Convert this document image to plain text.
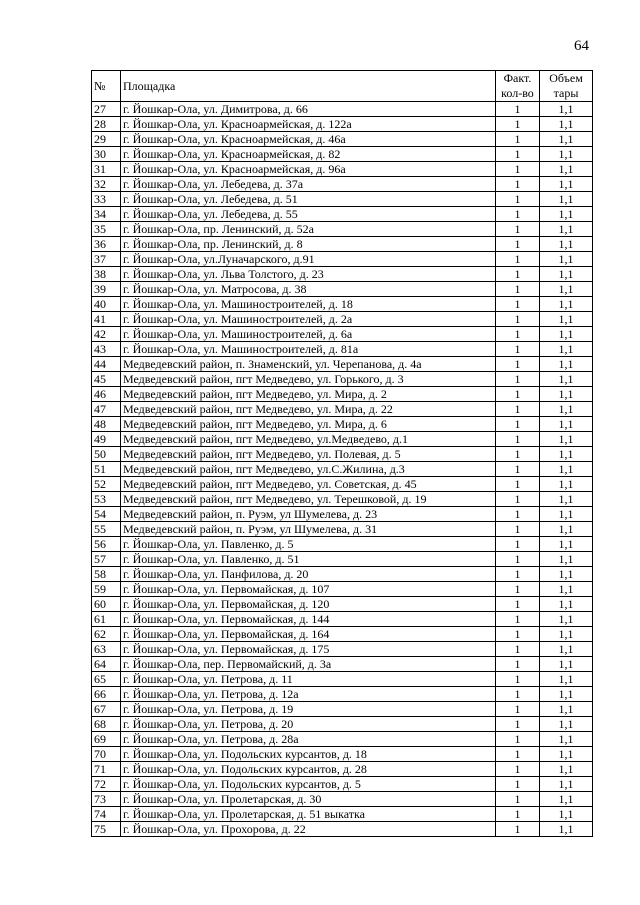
64
№	Площадка	Факт. кол-во	Объем тары
27	г. Йошкар-Ола, ул. Димитрова, д. 66	1	1,1
28	г. Йошкар-Ола, ул. Красноармейская, д. 122а	1	1,1
29	г. Йошкар-Ола, ул. Красноармейская, д. 46а	1	1,1
30	г. Йошкар-Ола, ул. Красноармейская, д. 82	1	1,1
31	г. Йошкар-Ола, ул. Красноармейская, д. 96а	1	1,1
32	г. Йошкар-Ола, ул. Лебедева, д. 37а	1	1,1
33	г. Йошкар-Ола, ул. Лебедева, д. 51	1	1,1
34	г. Йошкар-Ола, ул. Лебедева, д. 55	1	1,1
35	г. Йошкар-Ола, пр. Ленинский, д. 52а	1	1,1
36	г. Йошкар-Ола, пр. Ленинский, д. 8	1	1,1
37	г. Йошкар-Ола, ул.Луначарского, д.91	1	1,1
38	г. Йошкар-Ола, ул. Льва Толстого, д. 23	1	1,1
39	г. Йошкар-Ола, ул. Матросова, д. 38	1	1,1
40	г. Йошкар-Ола, ул. Машиностроителей, д. 18	1	1,1
41	г. Йошкар-Ола, ул. Машиностроителей, д. 2а	1	1,1
42	г. Йошкар-Ола, ул. Машиностроителей, д. 6а	1	1,1
43	г. Йошкар-Ола, ул. Машиностроителей, д. 81а	1	1,1
44	Медведевский район, п. Знаменский, ул. Черепанова, д. 4а	1	1,1
45	Медведевский район, пгт Медведево, ул. Горького, д. 3	1	1,1
46	Медведевский район, пгт Медведево, ул. Мира, д. 2	1	1,1
47	Медведевский район, пгт Медведево, ул. Мира, д. 22	1	1,1
48	Медведевский район, пгт Медведево, ул. Мира, д. 6	1	1,1
49	Медведевский район, пгт Медведево, ул.Медведево, д.1	1	1,1
50	Медведевский район, пгт Медведево, ул. Полевая, д. 5	1	1,1
51	Медведевский район, пгт Медведево, ул.С.Жилина, д.3	1	1,1
52	Медведевский район, пгт Медведево, ул. Советская, д. 45	1	1,1
53	Медведевский район, пгт Медведево, ул. Терешковой, д. 19	1	1,1
54	Медведевский район, п. Руэм, ул Шумелева, д. 23	1	1,1
55	Медведевский район, п. Руэм, ул Шумелева, д. 31	1	1,1
56	г. Йошкар-Ола, ул. Павленко, д. 5	1	1,1
57	г. Йошкар-Ола, ул. Павленко, д. 51	1	1,1
58	г. Йошкар-Ола, ул. Панфилова, д. 20	1	1,1
59	г. Йошкар-Ола, ул. Первомайская, д. 107	1	1,1
60	г. Йошкар-Ола, ул. Первомайская, д. 120	1	1,1
61	г. Йошкар-Ола, ул. Первомайская, д. 144	1	1,1
62	г. Йошкар-Ола, ул. Первомайская, д. 164	1	1,1
63	г. Йошкар-Ола, ул. Первомайская, д. 175	1	1,1
64	г. Йошкар-Ола, пер. Первомайский, д. 3а	1	1,1
65	г. Йошкар-Ола, ул. Петрова, д. 11	1	1,1
66	г. Йошкар-Ола, ул. Петрова, д. 12а	1	1,1
67	г. Йошкар-Ола, ул. Петрова, д. 19	1	1,1
68	г. Йошкар-Ола, ул. Петрова, д. 20	1	1,1
69	г. Йошкар-Ола, ул. Петрова, д. 28а	1	1,1
70	г. Йошкар-Ола, ул. Подольских курсантов, д. 18	1	1,1
71	г. Йошкар-Ола, ул. Подольских курсантов, д. 28	1	1,1
72	г. Йошкар-Ола, ул. Подольских курсантов, д. 5	1	1,1
73	г. Йошкар-Ола, ул. Пролетарская, д. 30	1	1,1
74	г. Йошкар-Ола, ул. Пролетарская, д. 51 выкатка	1	1,1
75	г. Йошкар-Ола, ул. Прохорова, д. 22	1	1,1
